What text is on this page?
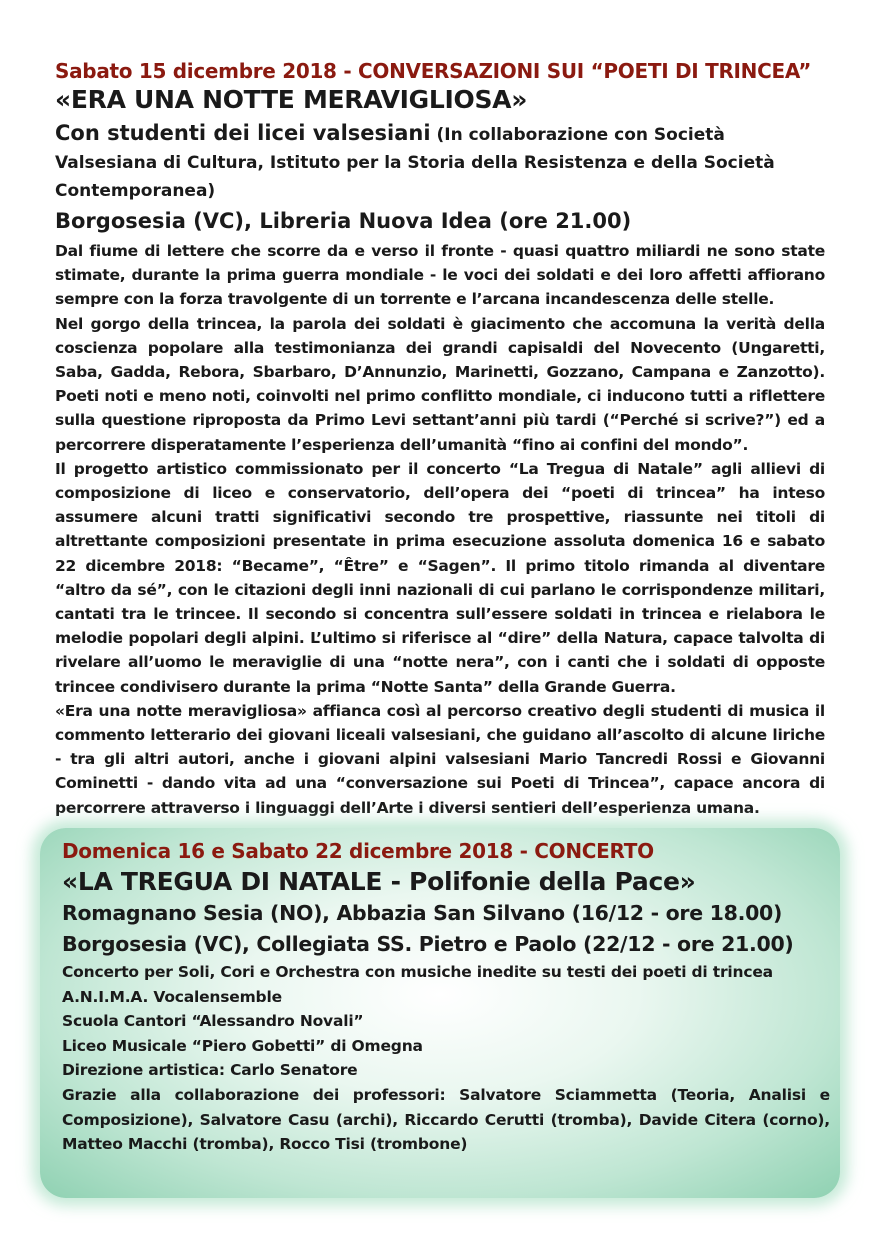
Sabato 15 dicembre 2018 - CONVERSAZIONI SUI “POETI DI TRINCEA”

«ERA UNA NOTTE MERAVIGLIOSA»

Con studenti dei licei valsesiani (In collaborazione con Società Valsesiana di Cultura, Istituto per la Storia della Resistenza e della Società Contemporanea)

Borgosesia (VC), Libreria Nuova Idea (ore 21.00)

Dal fiume di lettere che scorre da e verso il fronte - quasi quattro miliardi ne sono state stimate, durante la prima guerra mondiale - le voci dei soldati e dei loro affetti affiorano sempre con la forza travolgente di un torrente e l’arcana incandescenza delle stelle.

Nel gorgo della trincea, la parola dei soldati è giacimento che accomuna la verità della coscienza popolare alla testimonianza dei grandi capisaldi del Novecento (Ungaretti, Saba, Gadda, Rebora, Sbarbaro, D’Annunzio, Marinetti, Gozzano, Campana e Zanzotto). Poeti noti e meno noti, coinvolti nel primo conflitto mondiale, ci inducono tutti a riflettere sulla questione riproposta da Primo Levi settant’anni più tardi (“Perché si scrive?”) ed a percorrere disperatamente l’esperienza dell’umanità “fino ai confini del mondo”.

Il progetto artistico commissionato per il concerto “La Tregua di Natale” agli allievi di composizione di liceo e conservatorio, dell’opera dei “poeti di trincea” ha inteso assumere alcuni tratti significativi secondo tre prospettive, riassunte nei titoli di altrettante composizioni presentate in prima esecuzione assoluta domenica 16 e sabato 22 dicembre 2018: “Became”, “Être” e “Sagen”. Il primo titolo rimanda al diventare “altro da sé”, con le citazioni degli inni nazionali di cui parlano le corrispondenze militari, cantati tra le trincee. Il secondo si concentra sull’essere soldati in trincea e rielabora le melodie popolari degli alpini. L’ultimo si riferisce al “dire” della Natura, capace talvolta di rivelare all’uomo le meraviglie di una “notte nera”, con i canti che i soldati di opposte trincee condivisero durante la prima “Notte Santa” della Grande Guerra.

«Era una notte meravigliosa» affianca così al percorso creativo degli studenti di musica il commento letterario dei giovani liceali valsesiani, che guidano all’ascolto di alcune liriche - tra gli altri autori, anche i giovani alpini valsesiani Mario Tancredi Rossi e Giovanni Cominetti - dando vita ad una “conversazione sui Poeti di Trincea”, capace ancora di percorrere attraverso i linguaggi dell’Arte i diversi sentieri dell’esperienza umana.

Domenica 16 e Sabato 22 dicembre 2018 - CONCERTO

«LA TREGUA DI NATALE - Polifonie della Pace»

Romagnano Sesia (NO), Abbazia San Silvano (16/12 - ore 18.00)

Borgosesia (VC), Collegiata SS. Pietro e Paolo (22/12 - ore 21.00)

Concerto per Soli, Cori e Orchestra con musiche inedite su testi dei poeti di trincea

A.N.I.M.A. Vocalensemble

Scuola Cantori “Alessandro Novali”

Liceo Musicale “Piero Gobetti” di Omegna

Direzione artistica: Carlo Senatore

Grazie alla collaborazione dei professori: Salvatore Sciammetta (Teoria, Analisi e Composizione), Salvatore Casu (archi), Riccardo Cerutti (tromba), Davide Citera (corno), Matteo Macchi (tromba), Rocco Tisi (trombone)
